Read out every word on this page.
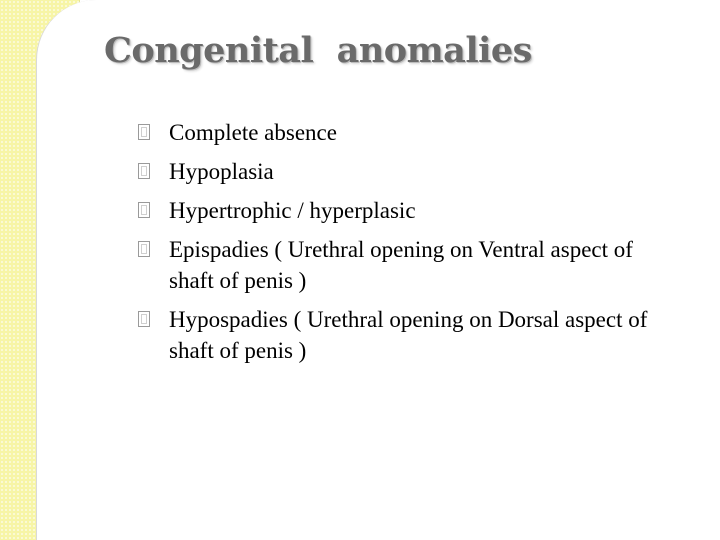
Congenital  anomalies
Complete absence
Hypoplasia
Hypertrophic / hyperplasic
Epispadies ( Urethral opening on Ventral aspect of shaft of penis )
Hypospadies ( Urethral opening on Dorsal aspect of shaft of penis )
